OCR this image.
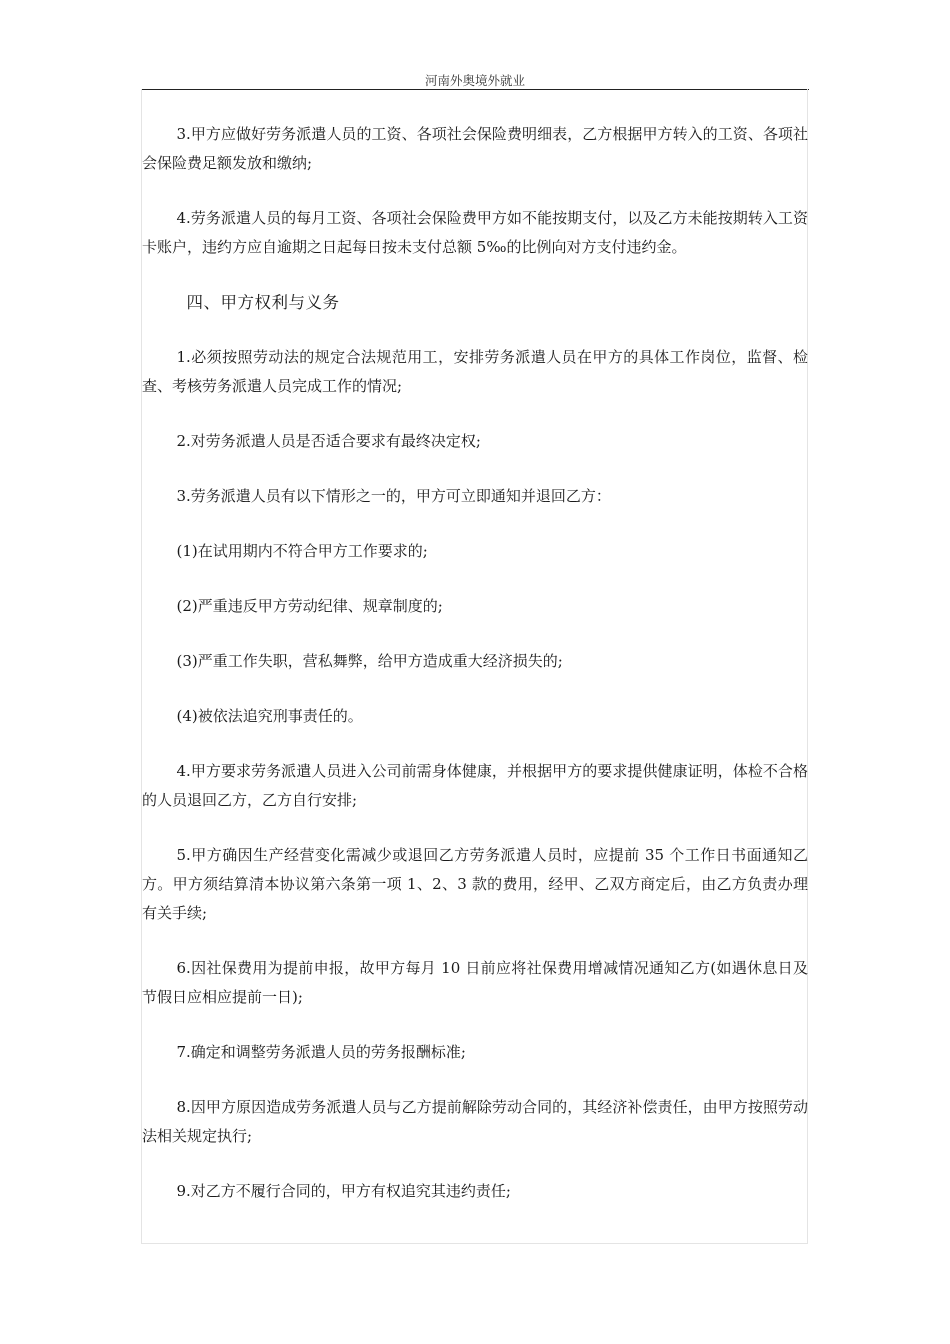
河南外奥境外就业

3.甲方应做好劳务派遣人员的工资、各项社会保险费明细表，乙方根据甲方转入的工资、各项社会保险费足额发放和缴纳;

4.劳务派遣人员的每月工资、各项社会保险费甲方如不能按期支付，以及乙方未能按期转入工资卡账户，违约方应自逾期之日起每日按未支付总额 5‰的比例向对方支付违约金。

四、甲方权利与义务

1.必须按照劳动法的规定合法规范用工，安排劳务派遣人员在甲方的具体工作岗位，监督、检查、考核劳务派遣人员完成工作的情况;

2.对劳务派遣人员是否适合要求有最终决定权;

3.劳务派遣人员有以下情形之一的，甲方可立即通知并退回乙方：

(1)在试用期内不符合甲方工作要求的;

(2)严重违反甲方劳动纪律、规章制度的;

(3)严重工作失职，营私舞弊，给甲方造成重大经济损失的;

(4)被依法追究刑事责任的。

4.甲方要求劳务派遣人员进入公司前需身体健康，并根据甲方的要求提供健康证明，体检不合格的人员退回乙方，乙方自行安排;

5.甲方确因生产经营变化需减少或退回乙方劳务派遣人员时，应提前 35 个工作日书面通知乙方。甲方须结算清本协议第六条第一项 1、2、3 款的费用，经甲、乙双方商定后，由乙方负责办理有关手续;

6.因社保费用为提前申报，故甲方每月 10 日前应将社保费用增减情况通知乙方(如遇休息日及节假日应相应提前一日);

7.确定和调整劳务派遣人员的劳务报酬标准;

8.因甲方原因造成劳务派遣人员与乙方提前解除劳动合同的，其经济补偿责任，由甲方按照劳动法相关规定执行;

9.对乙方不履行合同的，甲方有权追究其违约责任;
